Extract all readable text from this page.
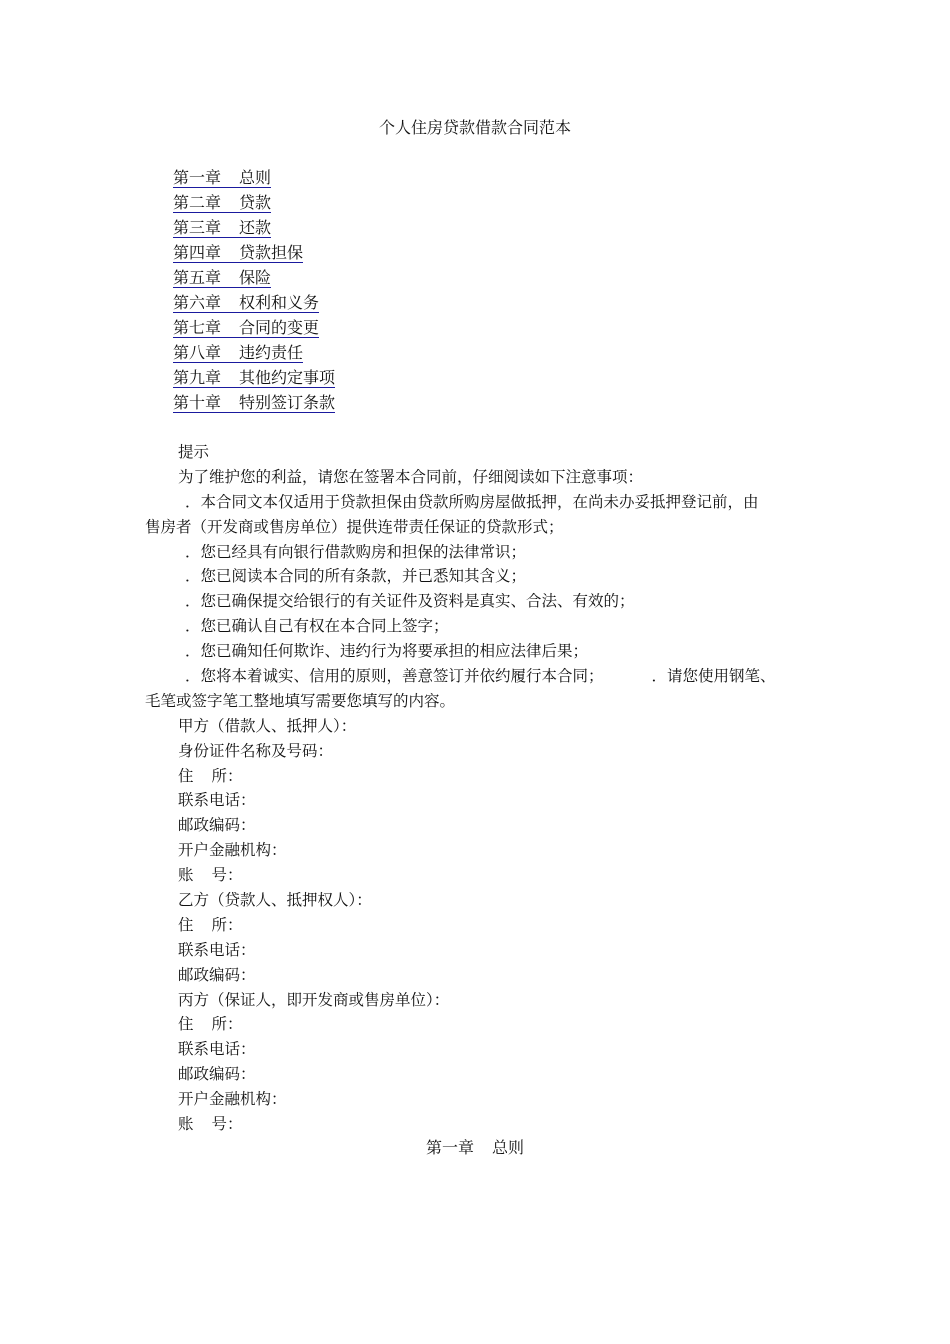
个人住房贷款借款合同范本
第一章 总则
第二章 贷款
第三章 还款
第四章 贷款担保
第五章 保险
第六章 权利和义务
第七章 合同的变更
第八章 违约责任
第九章 其他约定事项
第十章 特别签订条款
提示
为了维护您的利益，请您在签署本合同前，仔细阅读如下注意事项：
．本合同文本仅适用于贷款担保由贷款所购房屋做抵押，在尚未办妥抵押登记前，由
售房者（开发商或售房单位）提供连带责任保证的贷款形式；
．您已经具有向银行借款购房和担保的法律常识；
．您已阅读本合同的所有条款，并已悉知其含义；
．您已确保提交给银行的有关证件及资料是真实、合法、有效的；
．您已确认自己有权在本合同上签字；
．您已确知任何欺诈、违约行为将要承担的相应法律后果；
．您将本着诚实、信用的原则，善意签订并依约履行本合同；	．请您使用钢笔、
毛笔或签字笔工整地填写需要您填写的内容。
甲方（借款人、抵押人）：
身份证件名称及号码：
住 所：
联系电话：
邮政编码：
开户金融机构：
账 号：
乙方（贷款人、抵押权人）：
住 所：
联系电话：
邮政编码：
丙方（保证人，即开发商或售房单位）：
住 所：
联系电话：
邮政编码：
开户金融机构：
账 号：
第一章 总则
